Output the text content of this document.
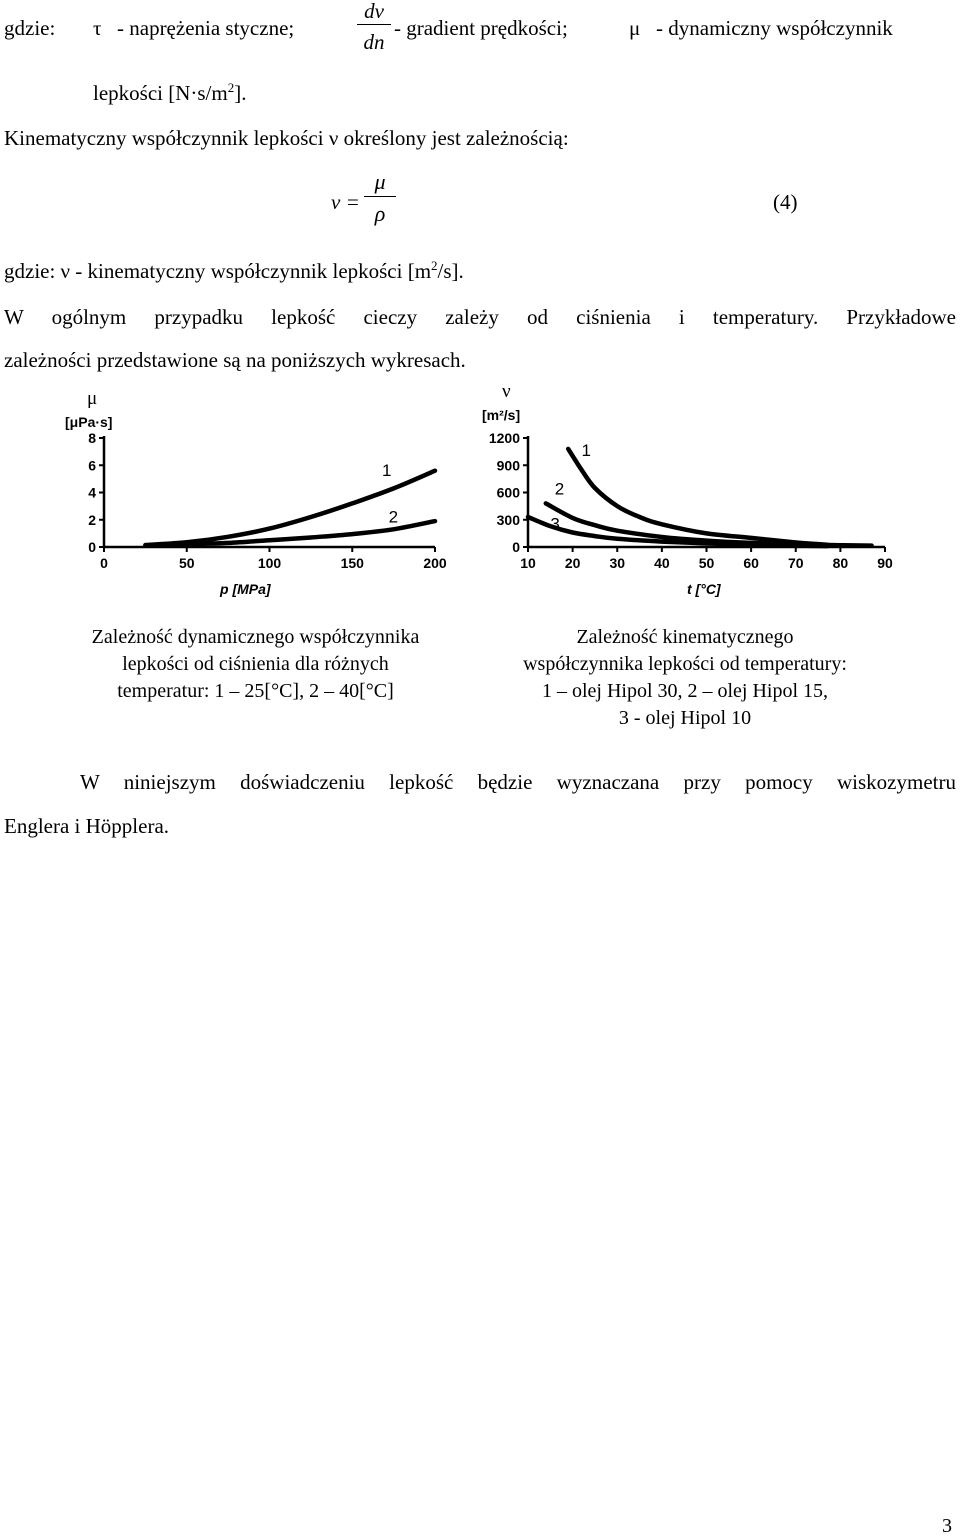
gdzie: τ - naprężenia styczne;	$\frac{dv}{dn}$ - gradient prędkości;	μ - dynamiczny współczynnik
lepkości $[N\cdot s/m^2]$.
Kinematyczny współczynnik lepkości ν określony jest zależnością:
$\nu = \frac{\mu}{\rho}$	(4)
gdzie: ν - kinematyczny współczynnik lepkości $[m^2/s]$.
W ogólnym przypadku lepkość cieczy zależy od ciśnienia i temperatury. Przykładowe
zależności przedstawione są na poniższych wykresach.
μ
[μPa·s]
0	50	100	150	200
0
2
4
6
8
1
2
p [MPa]
ν
[m²/s]
10 20 30 40 50 60 70 80 90
0
300
600
900
1200
1
2
3
t [°C]
Zależność dynamicznego współczynnika
lepkości od ciśnienia dla różnych
temperatur: 1 – 25[°C], 2 – 40[°C]
Zależność kinematycznego
współczynnika lepkości od temperatury:
1 – olej Hipol 30, 2 – olej Hipol 15,
3 - olej Hipol 10
W niniejszym doświadczeniu lepkość będzie wyznaczana przy pomocy wiskozymetru
Englera i Höpplera.
3
